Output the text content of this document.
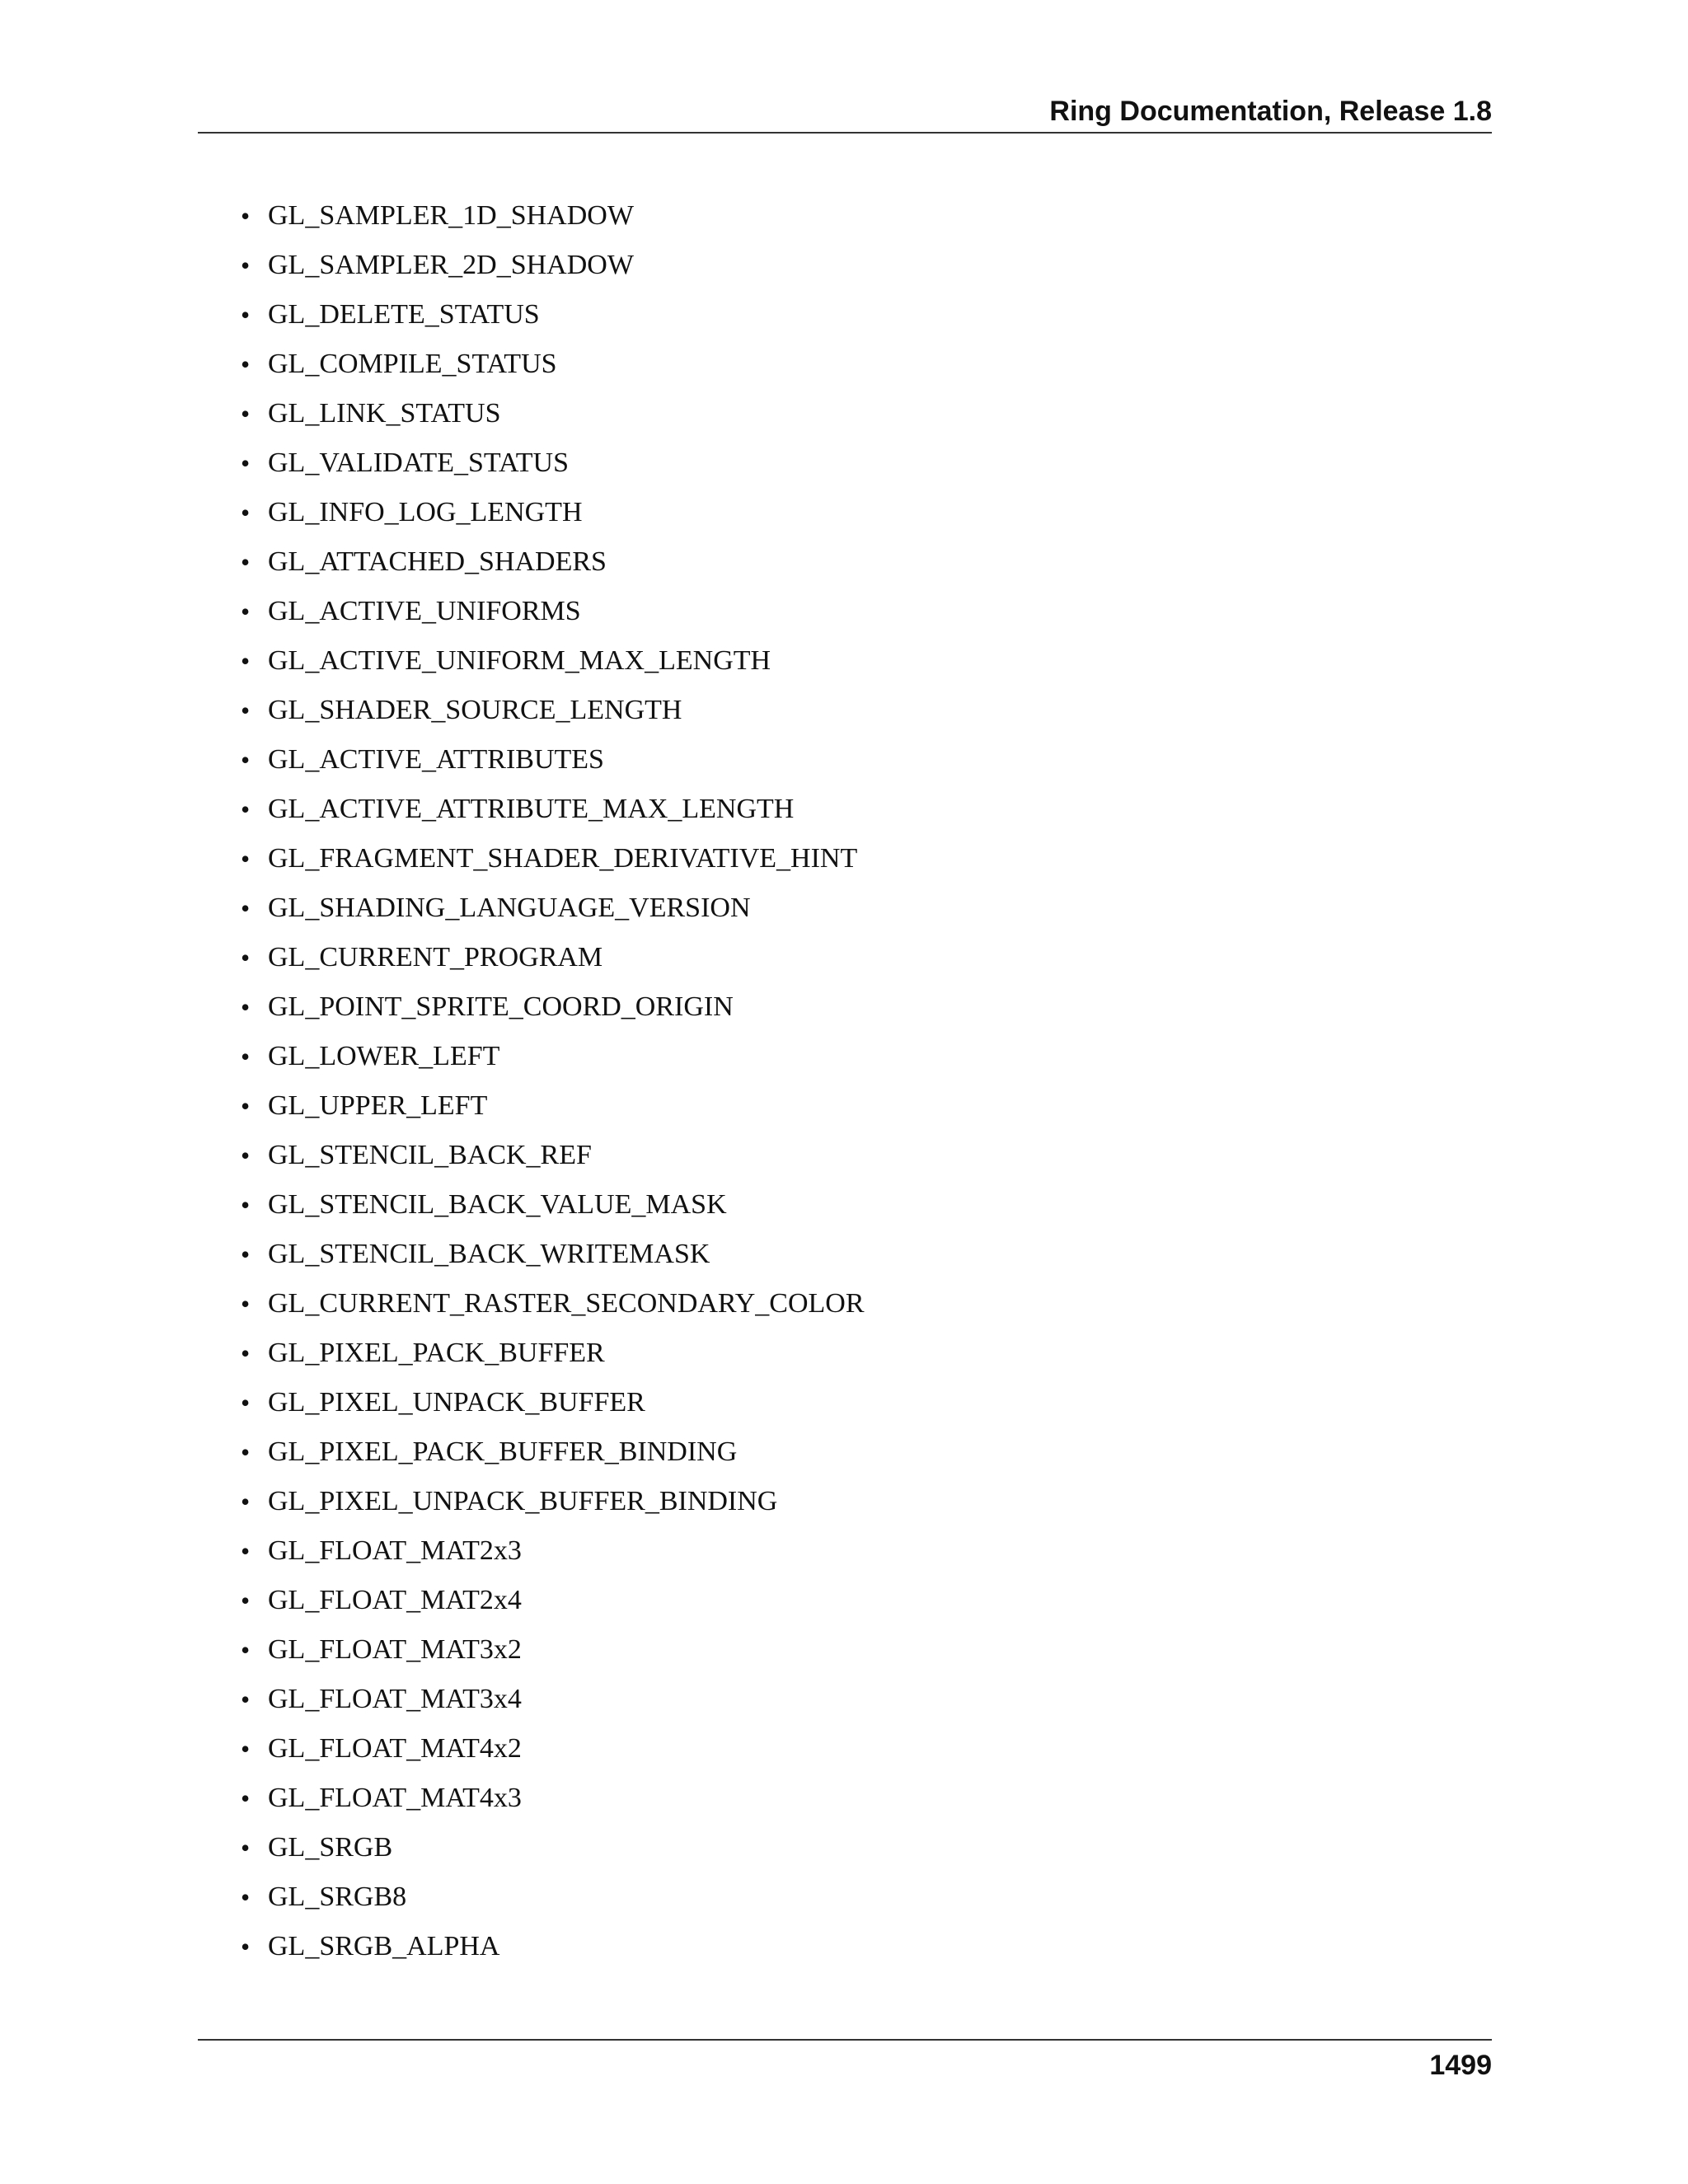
Ring Documentation, Release 1.8
• GL_SAMPLER_1D_SHADOW
• GL_SAMPLER_2D_SHADOW
• GL_DELETE_STATUS
• GL_COMPILE_STATUS
• GL_LINK_STATUS
• GL_VALIDATE_STATUS
• GL_INFO_LOG_LENGTH
• GL_ATTACHED_SHADERS
• GL_ACTIVE_UNIFORMS
• GL_ACTIVE_UNIFORM_MAX_LENGTH
• GL_SHADER_SOURCE_LENGTH
• GL_ACTIVE_ATTRIBUTES
• GL_ACTIVE_ATTRIBUTE_MAX_LENGTH
• GL_FRAGMENT_SHADER_DERIVATIVE_HINT
• GL_SHADING_LANGUAGE_VERSION
• GL_CURRENT_PROGRAM
• GL_POINT_SPRITE_COORD_ORIGIN
• GL_LOWER_LEFT
• GL_UPPER_LEFT
• GL_STENCIL_BACK_REF
• GL_STENCIL_BACK_VALUE_MASK
• GL_STENCIL_BACK_WRITEMASK
• GL_CURRENT_RASTER_SECONDARY_COLOR
• GL_PIXEL_PACK_BUFFER
• GL_PIXEL_UNPACK_BUFFER
• GL_PIXEL_PACK_BUFFER_BINDING
• GL_PIXEL_UNPACK_BUFFER_BINDING
• GL_FLOAT_MAT2x3
• GL_FLOAT_MAT2x4
• GL_FLOAT_MAT3x2
• GL_FLOAT_MAT3x4
• GL_FLOAT_MAT4x2
• GL_FLOAT_MAT4x3
• GL_SRGB
• GL_SRGB8
• GL_SRGB_ALPHA
1499
